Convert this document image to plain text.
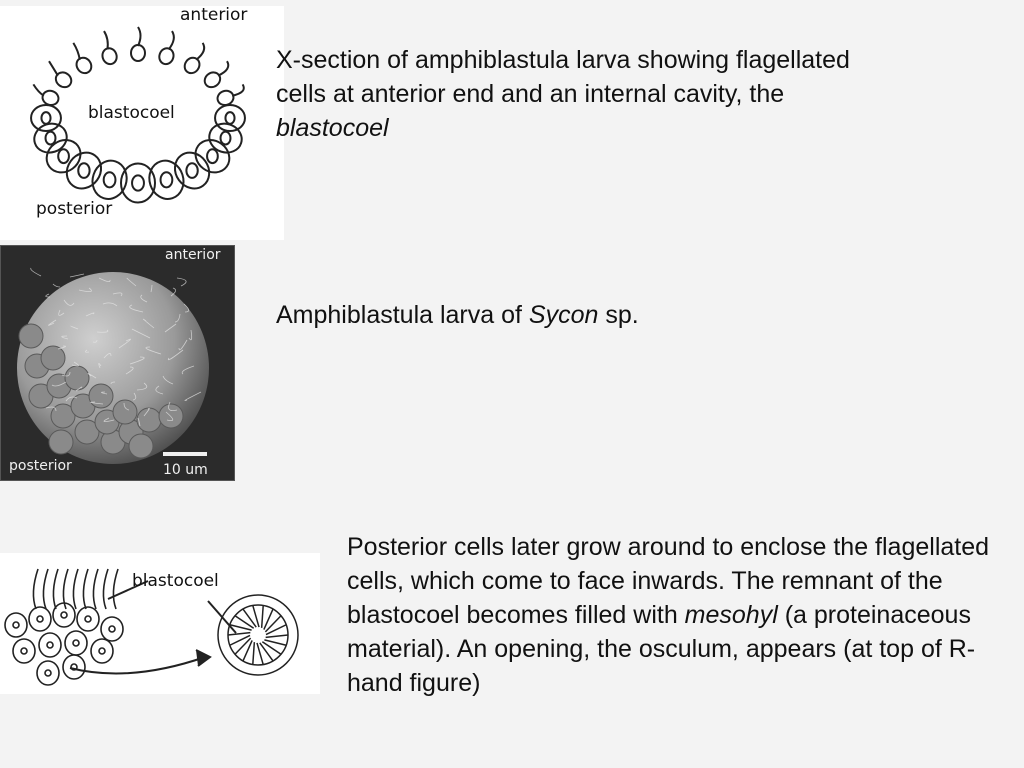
anterior
blastocoel
posterior
X-section of amphiblastula larva showing flagellated cells at anterior end and an internal cavity, the blastocoel
anterior
posterior	10 um
Amphiblastula larva of Sycon sp.
blastocoel
Posterior cells later grow around to enclose the flagellated cells, which come to face inwards. The remnant of the blastocoel becomes filled with mesohyl (a proteinaceous material). An opening, the osculum, appears (at top of R-hand figure)
